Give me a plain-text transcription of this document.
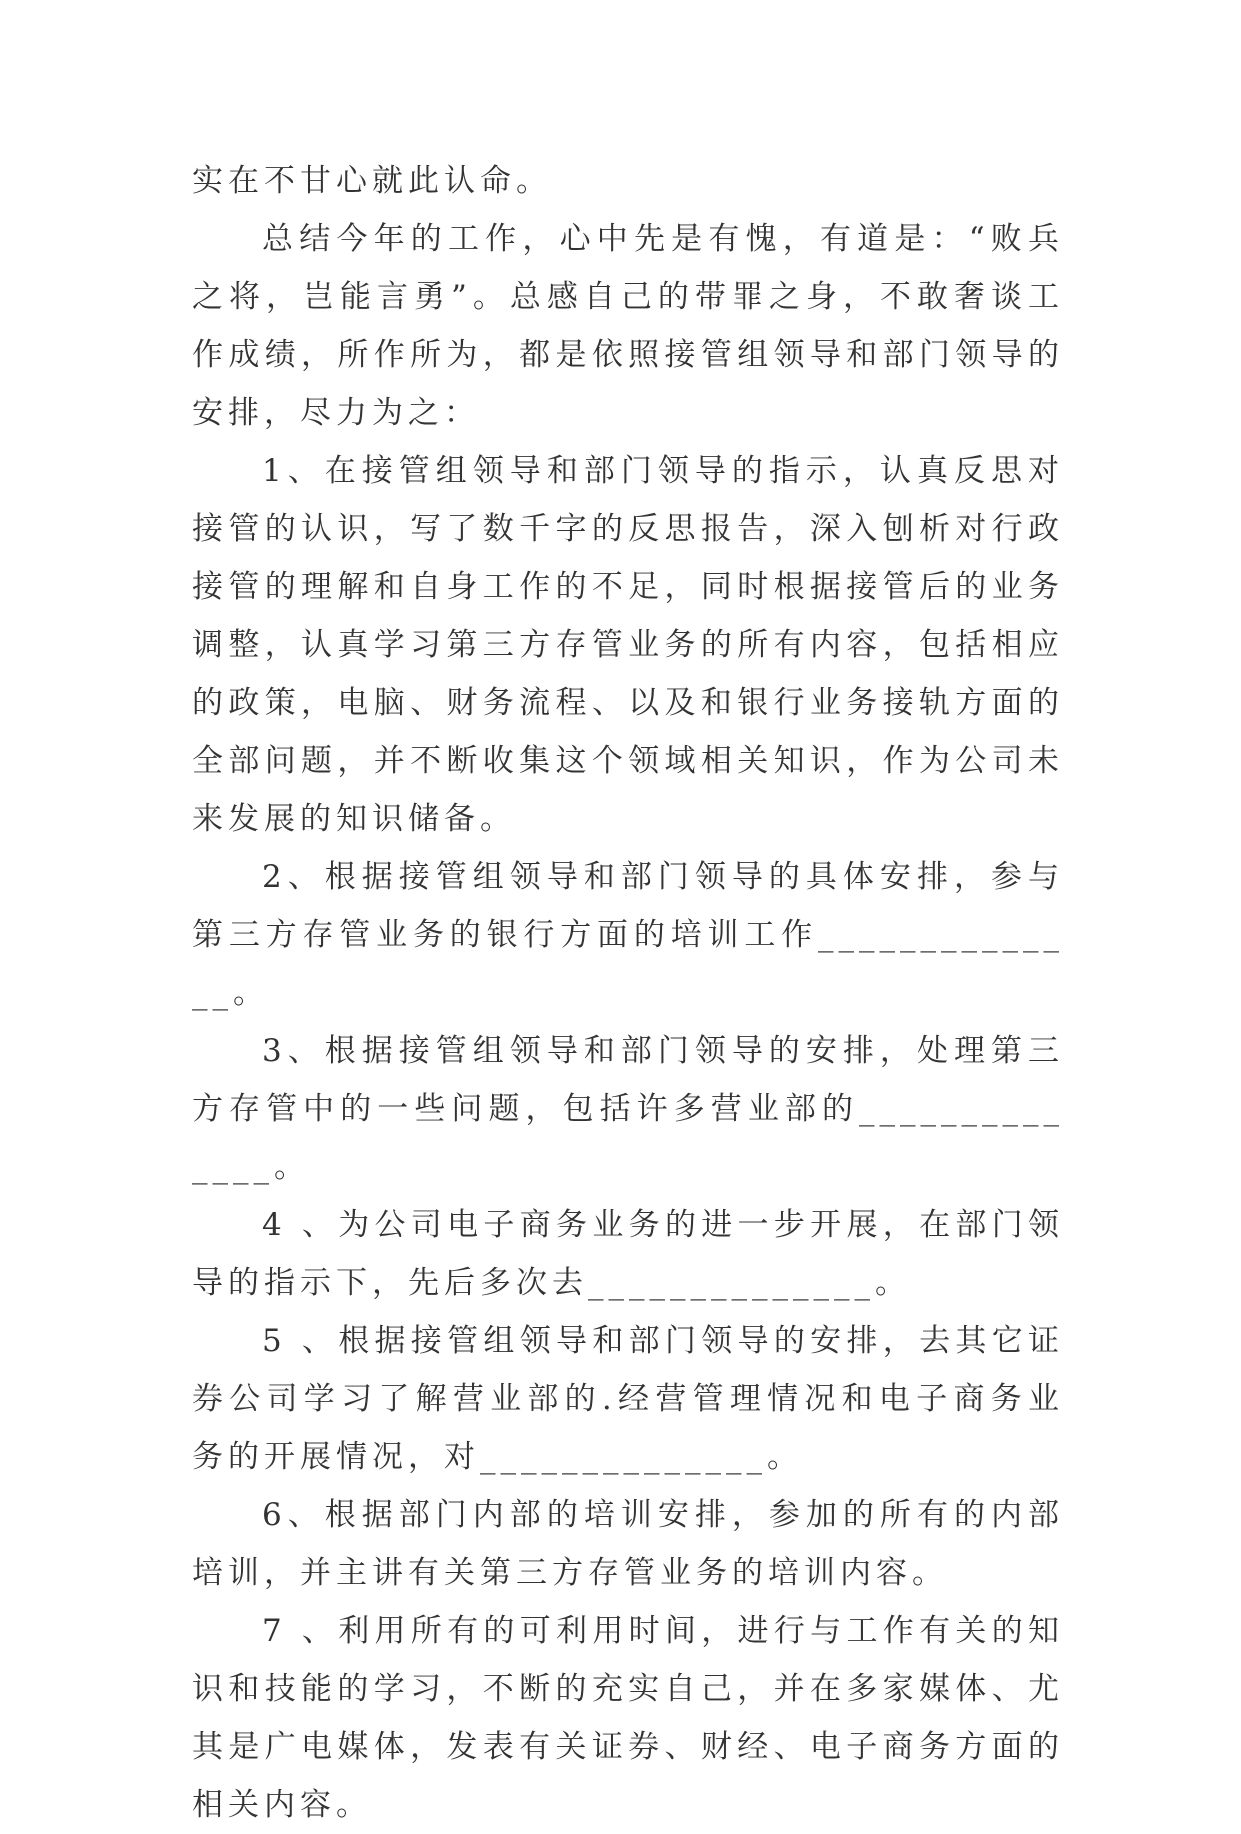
实在不甘心就此认命。

总结今年的工作，心中先是有愧，有道是：“败兵之将，岂能言勇”。总感自己的带罪之身，不敢奢谈工作成绩，所作所为，都是依照接管组领导和部门领导的安排，尽力为之：

1、在接管组领导和部门领导的指示，认真反思对接管的认识，写了数千字的反思报告，深入刨析对行政接管的理解和自身工作的不足，同时根据接管后的业务调整，认真学习第三方存管业务的所有内容，包括相应的政策，电脑、财务流程、以及和银行业务接轨方面的全部问题，并不断收集这个领域相关知识，作为公司未来发展的知识储备。

2、根据接管组领导和部门领导的具体安排，参与第三方存管业务的银行方面的培训工作______________。

3、根据接管组领导和部门领导的安排，处理第三方存管中的一些问题，包括许多营业部的______________。

4 、为公司电子商务业务的进一步开展，在部门领导的指示下，先后多次去______________。

5 、根据接管组领导和部门领导的安排，去其它证券公司学习了解营业部的.经营管理情况和电子商务业务的开展情况，对______________。

6、根据部门内部的培训安排，参加的所有的内部培训，并主讲有关第三方存管业务的培训内容。

7 、利用所有的可利用时间，进行与工作有关的知识和技能的学习，不断的充实自己，并在多家媒体、尤其是广电媒体，发表有关证券、财经、电子商务方面的相关内容。
